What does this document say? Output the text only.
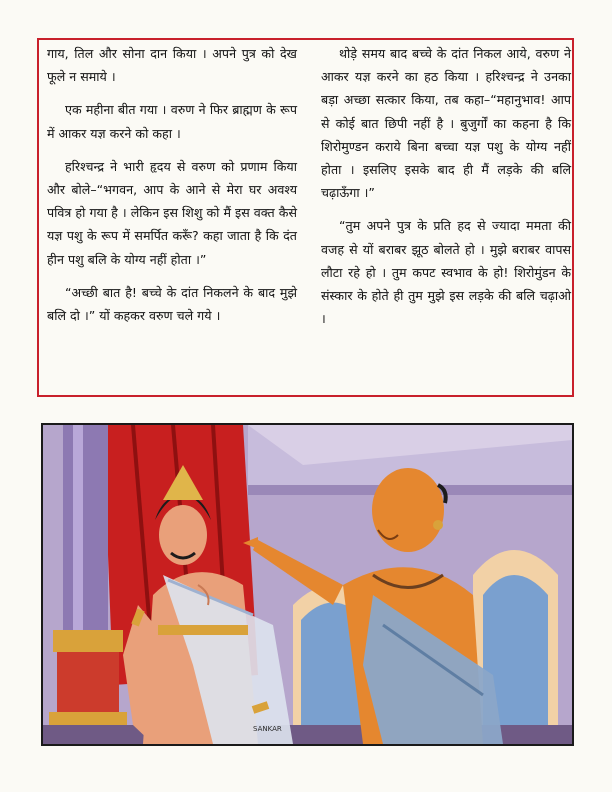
गाय, तिल और सोना दान किया । अपने पुत्र को देख फूले न समाये ।

एक महीना बीत गया । वरुण ने फिर ब्राह्मण के रूप में आकर यज्ञ करने को कहा ।

हरिश्चन्द्र ने भारी हृदय से वरुण को प्रणाम किया और बोले–“भगवन, आप के आने से मेरा घर अवश्य पवित्र हो गया है । लेकिन इस शिशु को मैं इस वक्त कैसे यज्ञ पशु के रूप में समर्पित करूँ? कहा जाता है कि दंत हीन पशु बलि के योग्य नहीं होता ।”

“अच्छी बात है! बच्चे के दांत निकलने के बाद मुझे बलि दो ।” यों कहकर वरुण चले गये ।

थोड़े समय बाद बच्चे के दांत निकल आये, वरुण ने आकर यज्ञ करने का हठ किया । हरिश्चन्द्र ने उनका बड़ा अच्छा सत्कार किया, तब कहा–“महानुभाव! आप से कोई बात छिपी नहीं है । बुजुर्गों का कहना है कि शिरोमुण्डन कराये बिना बच्चा यज्ञ पशु के योग्य नहीं होता । इसलिए इसके बाद ही मैं लड़के की बलि चढ़ाऊँगा ।”

“तुम अपने पुत्र के प्रति हद से ज्यादा ममता की वजह से यों बराबर झूठ बोलते हो । मुझे बराबर वापस लौटा रहे हो । तुम कपट स्वभाव के हो! शिरोमुंडन के संस्कार के होते ही तुम मुझे इस लड़के की बलि चढ़ाओ ।

SANKAR
